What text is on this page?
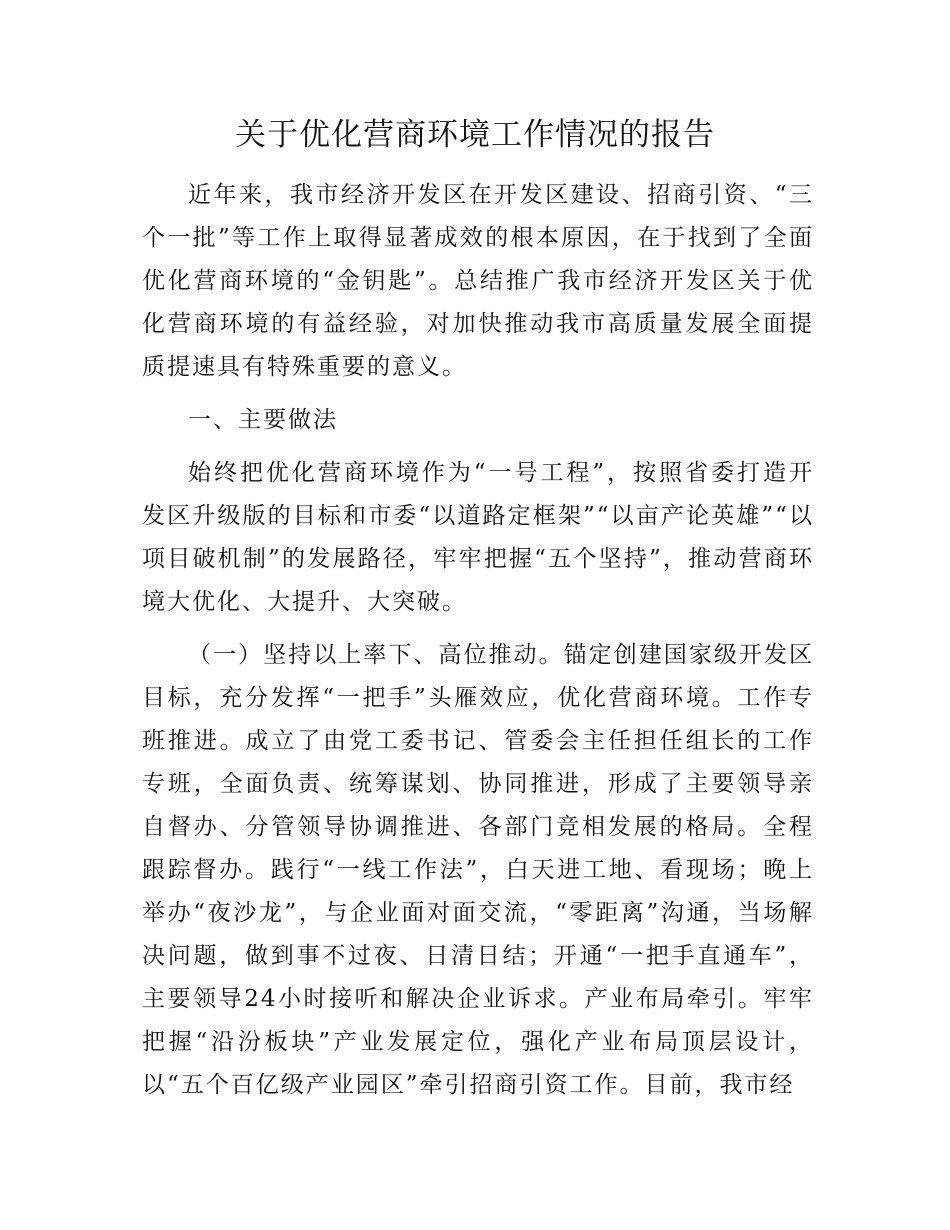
关于优化营商环境工作情况的报告

近年来，我市经济开发区在开发区建设、招商引资、“三个一批”等工作上取得显著成效的根本原因，在于找到了全面优化营商环境的“金钥匙”。总结推广我市经济开发区关于优化营商环境的有益经验，对加快推动我市高质量发展全面提质提速具有特殊重要的意义。

一、主要做法

始终把优化营商环境作为“一号工程”，按照省委打造开发区升级版的目标和市委“以道路定框架”“以亩产论英雄”“以项目破机制”的发展路径，牢牢把握“五个坚持”，推动营商环境大优化、大提升、大突破。

（一）坚持以上率下、高位推动。锚定创建国家级开发区目标，充分发挥“一把手”头雁效应，优化营商环境。工作专班推进。成立了由党工委书记、管委会主任担任组长的工作专班，全面负责、统筹谋划、协同推进，形成了主要领导亲自督办、分管领导协调推进、各部门竞相发展的格局。全程跟踪督办。践行“一线工作法”，白天进工地、看现场；晚上举办“夜沙龙”，与企业面对面交流，“零距离”沟通，当场解决问题，做到事不过夜、日清日结；开通“一把手直通车”，主要领导24小时接听和解决企业诉求。产业布局牵引。牢牢把握“沿汾板块”产业发展定位，强化产业布局顶层设计，以“五个百亿级产业园区”牵引招商引资工作。目前，我市经
